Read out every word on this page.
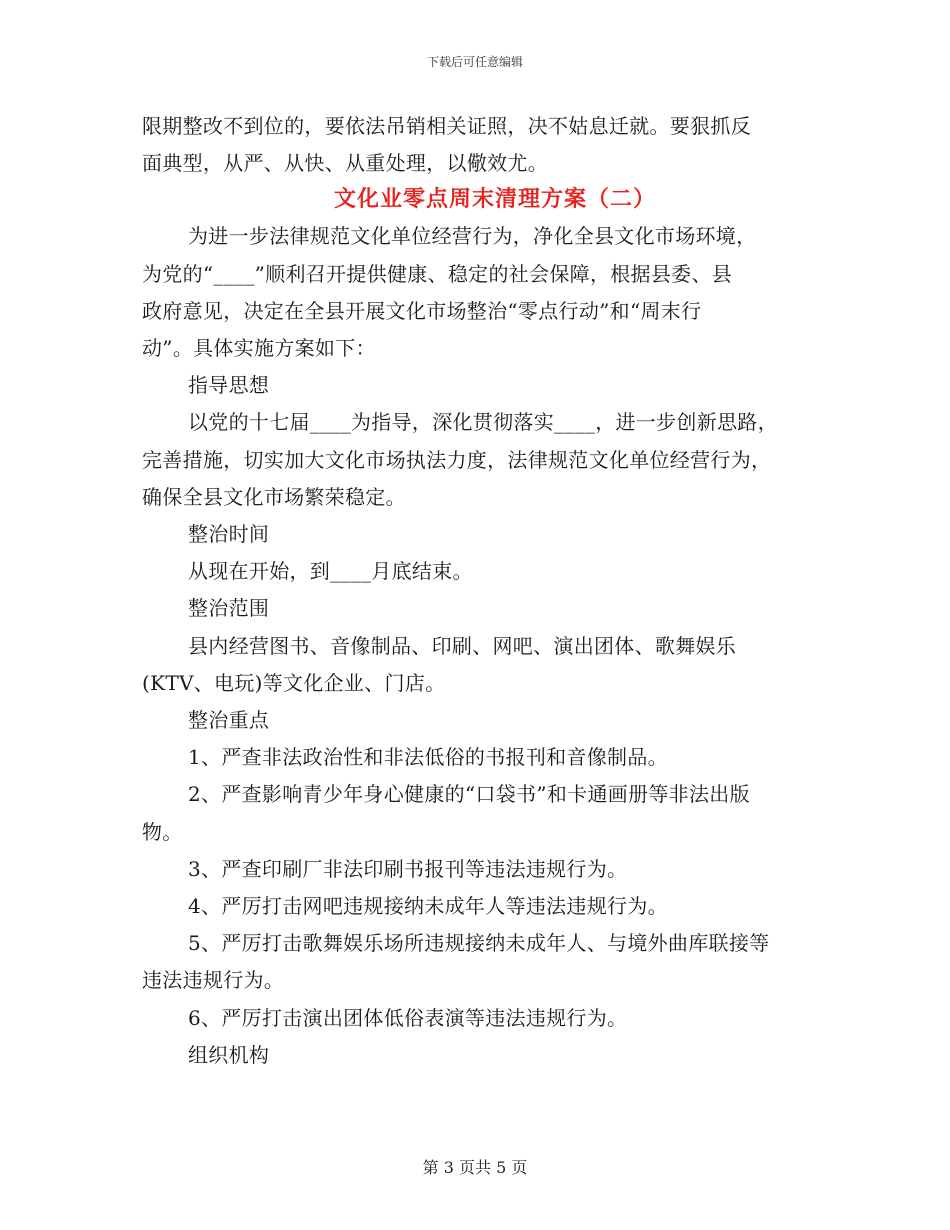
下载后可任意编辑
限期整改不到位的，要依法吊销相关证照，决不姑息迁就。要狠抓反
面典型，从严、从快、从重处理，以儆效尤。
文化业零点周末清理方案（二）
为进一步法律规范文化单位经营行为，净化全县文化市场环境，
为党的“____”顺利召开提供健康、稳定的社会保障，根据县委、县
政府意见，决定在全县开展文化市场整治“零点行动”和“周末行
动”。具体实施方案如下：
指导思想
以党的十七届____为指导，深化贯彻落实____，进一步创新思路，
完善措施，切实加大文化市场执法力度，法律规范文化单位经营行为，
确保全县文化市场繁荣稳定。
整治时间
从现在开始，到____月底结束。
整治范围
县内经营图书、音像制品、印刷、网吧、演出团体、歌舞娱乐
(KTV、电玩)等文化企业、门店。
整治重点
1、严查非法政治性和非法低俗的书报刊和音像制品。
2、严查影响青少年身心健康的“口袋书”和卡通画册等非法出版
物。
3、严查印刷厂非法印刷书报刊等违法违规行为。
4、严厉打击网吧违规接纳未成年人等违法违规行为。
5、严厉打击歌舞娱乐场所违规接纳未成年人、与境外曲库联接等
违法违规行为。
6、严厉打击演出团体低俗表演等违法违规行为。
组织机构
第 3 页共 5 页
